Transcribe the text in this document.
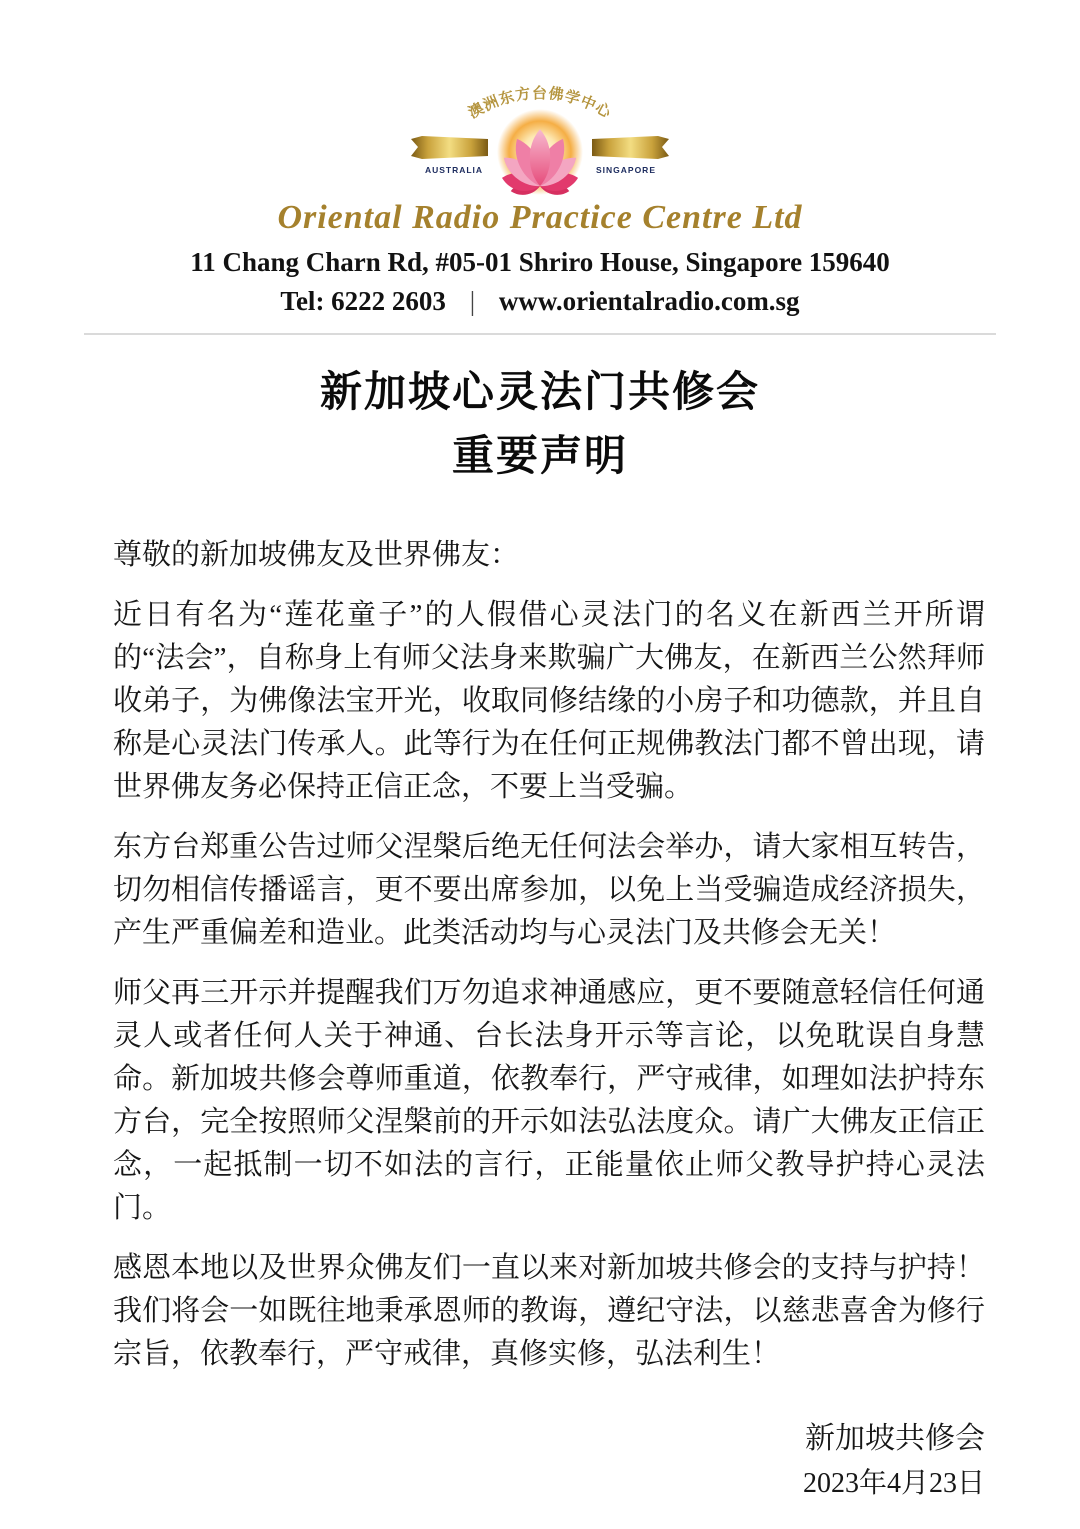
澳洲东方台佛学中心
AUSTRALIA	SINGAPORE
Oriental Radio Practice Centre Ltd
11 Chang Charn Rd, #05-01 Shriro House, Singapore 159640
Tel: 6222 2603 | www.orientalradio.com.sg
新加坡心灵法门共修会
重要声明
尊敬的新加坡佛友及世界佛友：

近日有名为“莲花童子”的人假借心灵法门的名义在新西兰开所谓的“法会”，自称身上有师父法身来欺骗广大佛友，在新西兰公然拜师收弟子，为佛像法宝开光，收取同修结缘的小房子和功德款，并且自称是心灵法门传承人。此等行为在任何正规佛教法门都不曾出现，请世界佛友务必保持正信正念，不要上当受骗。

东方台郑重公告过师父涅槃后绝无任何法会举办，请大家相互转告，切勿相信传播谣言，更不要出席参加，以免上当受骗造成经济损失，产生严重偏差和造业。此类活动均与心灵法门及共修会无关！

师父再三开示并提醒我们万勿追求神通感应，更不要随意轻信任何通灵人或者任何人关于神通、台长法身开示等言论，以免耽误自身慧命。新加坡共修会尊师重道，依教奉行，严守戒律，如理如法护持东方台，完全按照师父涅槃前的开示如法弘法度众。请广大佛友正信正念，一起抵制一切不如法的言行，正能量依止师父教导护持心灵法门。

感恩本地以及世界众佛友们一直以来对新加坡共修会的支持与护持！我们将会一如既往地秉承恩师的教诲，遵纪守法，以慈悲喜舍为修行宗旨，依教奉行，严守戒律，真修实修，弘法利生！

新加坡共修会
2023年4月23日
